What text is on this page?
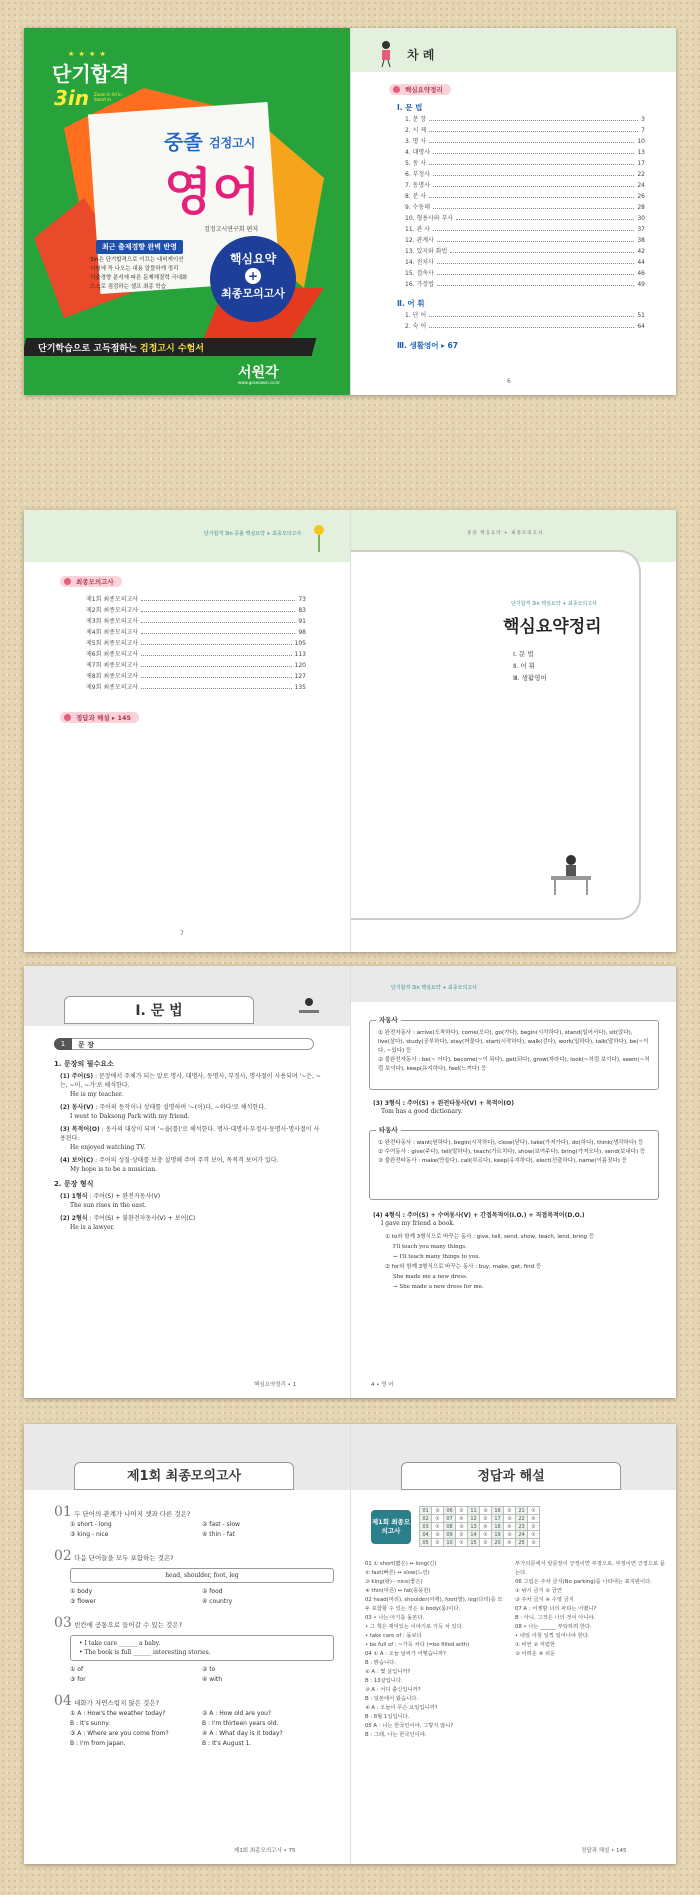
★ ★ ★ ★
단기합격
3in Zoom In All In Smart In
중졸 검정고시
영어
검정고시연구회 편저
최근 출제경향 완벽 반영
3in은 단기합격으로 이끄는 내비게이션
시험에 꼭 나오는 내용 알뜰하게 정리
기출경향 분석에 따른 문제해결력 극대화
스스로 점검하는 셀프 최종 학습
핵심요약
+
최종모의고사
단기학습으로 고득점하는 검정고시 수험서
서원각
www.goseowon.co.kr
차 례
핵심요약정리
Ⅰ. 문 법
1. 문 장	3
2. 시 제	7
3. 명 사	10
4. 대명사	13
5. 동 사	17
6. 부정사	22
7. 동명사	24
8. 분 사	26
9. 수동태	28
10. 형용사와 부사	30
11. 관 사	37
12. 관계사	38
13. 있지와 화법	42
14. 전치사	44
15. 접속사	46
16. 가정법	49
Ⅱ. 어 휘
1. 단 어	51
2. 숙 어	64
Ⅲ. 생활영어 ▸ 67
6
단기합격 3in 중졸 핵심요약 + 최종모의고사
최종모의고사
제1회 최종모의고사	73
제2회 최종모의고사	83
제3회 최종모의고사	91
제4회 최종모의고사	98
제5회 최종모의고사	105
제6회 최종모의고사	113
제7회 최종모의고사	120
제8회 최종모의고사	127
제9회 최종모의고사	135
정답과 해설 ▸ 145
7
중졸 핵심요약 + 최종모의고사
단기합격 3in 핵심요약 + 최종모의고사
핵심요약정리
Ⅰ. 문 법
Ⅱ. 어 휘
Ⅲ. 생활영어
Ⅰ. 문 법
1	문 장
1. 문장의 필수요소
(1) 주어(S) : 문장에서 주체가 되는 말로 명사, 대명사, 동명사, 부정사, 명사절이 사용되며 '~은, ~는, ~이, ~가'로 해석한다.
He is my teacher.
(2) 동사(V) : 주어의 동작이나 상태를 설명하며 '~(이)다, ~하다'로 해석한다.
I went to Daksong Park with my friend.
(3) 목적어(O) : 동사의 대상이 되며 '~을(를)'로 해석한다. 명사·대명사·부정사·동명사·명사절이 사용된다.
He enjoyed watching TV.
(4) 보어(C) : 주어의 성질·상태를 보충 설명해 주며 주격 보어, 목적격 보어가 있다.
My hope is to be a musician.
2. 문장 형식
(1) 1형식 : 주어(S) + 완전자동사(V)
The sun rises in the east.
(2) 2형식 : 주어(S) + 불완전자동사(V) + 보어(C)
He is a lawyer.
핵심요약정리 • 1
단기합격 3in 핵심요약 + 최종모의고사
자동사
① 완전자동사 : arrive(도착하다), come(오다), go(가다), begin(시작하다), stand(일어서다), sit(앉다), live(살다), study(공부하다), stay(머물다), start(시작하다), walk(걷다), work(일하다), talk(말하다), be(~이다, ~있다) 등
② 불완전자동사 : be(~ 이다), become(~이 되다), get(되다), grow(자라다), look(~처럼 보이다), seem(~처럼 보이다), keep(유지하다), feel(느끼다) 등
(3) 3형식 : 주어(S) + 완전타동사(V) + 목적어(O)
Tom has a good dictionary.
타동사
① 완전타동사 : want(원하다), begin(시작하다), close(닫다), take(가져가다), do(하다), think(생각하다) 등
② 수여동사 : give(주다), tell(말하다), teach(가르치다), show(보여주다), bring(가져오다), send(보내다) 등
③ 불완전타동사 : make(만들다), call(부르다), keep(유지하다), elect(선출하다), name(이름짓다) 등
(4) 4형식 : 주어(S) + 수여동사(V) + 간접목적어(I.O.) + 직접목적어(D.O.)
I gave my friend a book.
① to와 함께 3형식으로 바꾸는 동사 : give, tell, send, show, teach, lend, bring 등
I'll teach you many things.
→ I'll teach many things to you.
② for와 함께 3형식으로 바꾸는 동사 : buy, make, get, find 등
She made me a new dress.
→ She made a new dress for me.
4 • 영 어
제1회 최종모의고사
01 두 단어의 관계가 나머지 셋과 다른 것은?
① short - long	② fast - slow
③ king - nice	④ thin - fat
02 다음 단어들을 모두 포함하는 것은?
head, shoulder, foot, leg
① body	② food
③ flower	④ country
03 빈칸에 공통으로 들어갈 수 있는 것은?
• I take care ______ a baby.
• The book is full ______ interesting stories.
① of	② to
③ for	④ with
04 대화가 자연스럽지 않은 것은?
① A : How's the weather today?	② A : How old are you?
B : It's sunny.	B : I'm thirteen years old.
③ A : Where are you come from?	④ A : What day is it today?
B : I'm from Japan.	B : It's August 1.
제1회 최종모의고사 • 75
정답과 해설
제1회 최종모의고사
01	③	06	②	11	③	16	②	21	①
02	①	07	④	12	②	17	③	22	④
03	①	08	③	13	④	18	④	23	②
04	③	09	②	14	①	19	③	24	①
05	②	10	①	15	②	20	④	25	③
01 ① short(짧은) ↔ long(긴)
② fast(빠른) ↔ slow(느린)
③ king(왕) - nice(좋은)
④ thin(마른) ↔ fat(뚱뚱한)
02 head(머리), shoulder(어깨), foot(발), leg(다리)를 모두 포함할 수 있는 것은 ① body(몸)이다.
03 • 나는 아기를 돌본다.
• 그 책은 재미있는 이야기로 가득 차 있다.
• take care of : 돌보다
• be full of : ~가득 차다 (=be filled with)
04 ① A : 오늘 날씨가 어떻습니까?
B : 맑습니다.
② A : 몇 살입니까?
B : 13살입니다.
③ A : 어디 출신입니까?
B : 일본에서 왔습니다.
④ A : 오늘이 무슨 요일입니까?
B : 8월 1일입니다.
05 A : 너는 한국인이야, 그렇지 않니?
B : 그래, 나는 한국인이야.
부가의문에서 앞문장이 긍정이면 부정으로, 부정이면 긍정으로 묻는다.
06 그림은 주차 금지(No parking)를 나타내는 표지판이다.
① 낚시 금지 ② 금연
③ 주차 금지 ④ 수영 금지
07 A : 어젯밤 너의 파티는 어땠니?
B : 아니, 그것은 나의 것이 아니야.
08 • 나는 ______ 부탁하려 한다.
• 내일 아침 일찍 일어나야 한다.
① 비싼 ② 저렴한
③ 어려운 ④ 쉬운
정답과 해설 • 145
